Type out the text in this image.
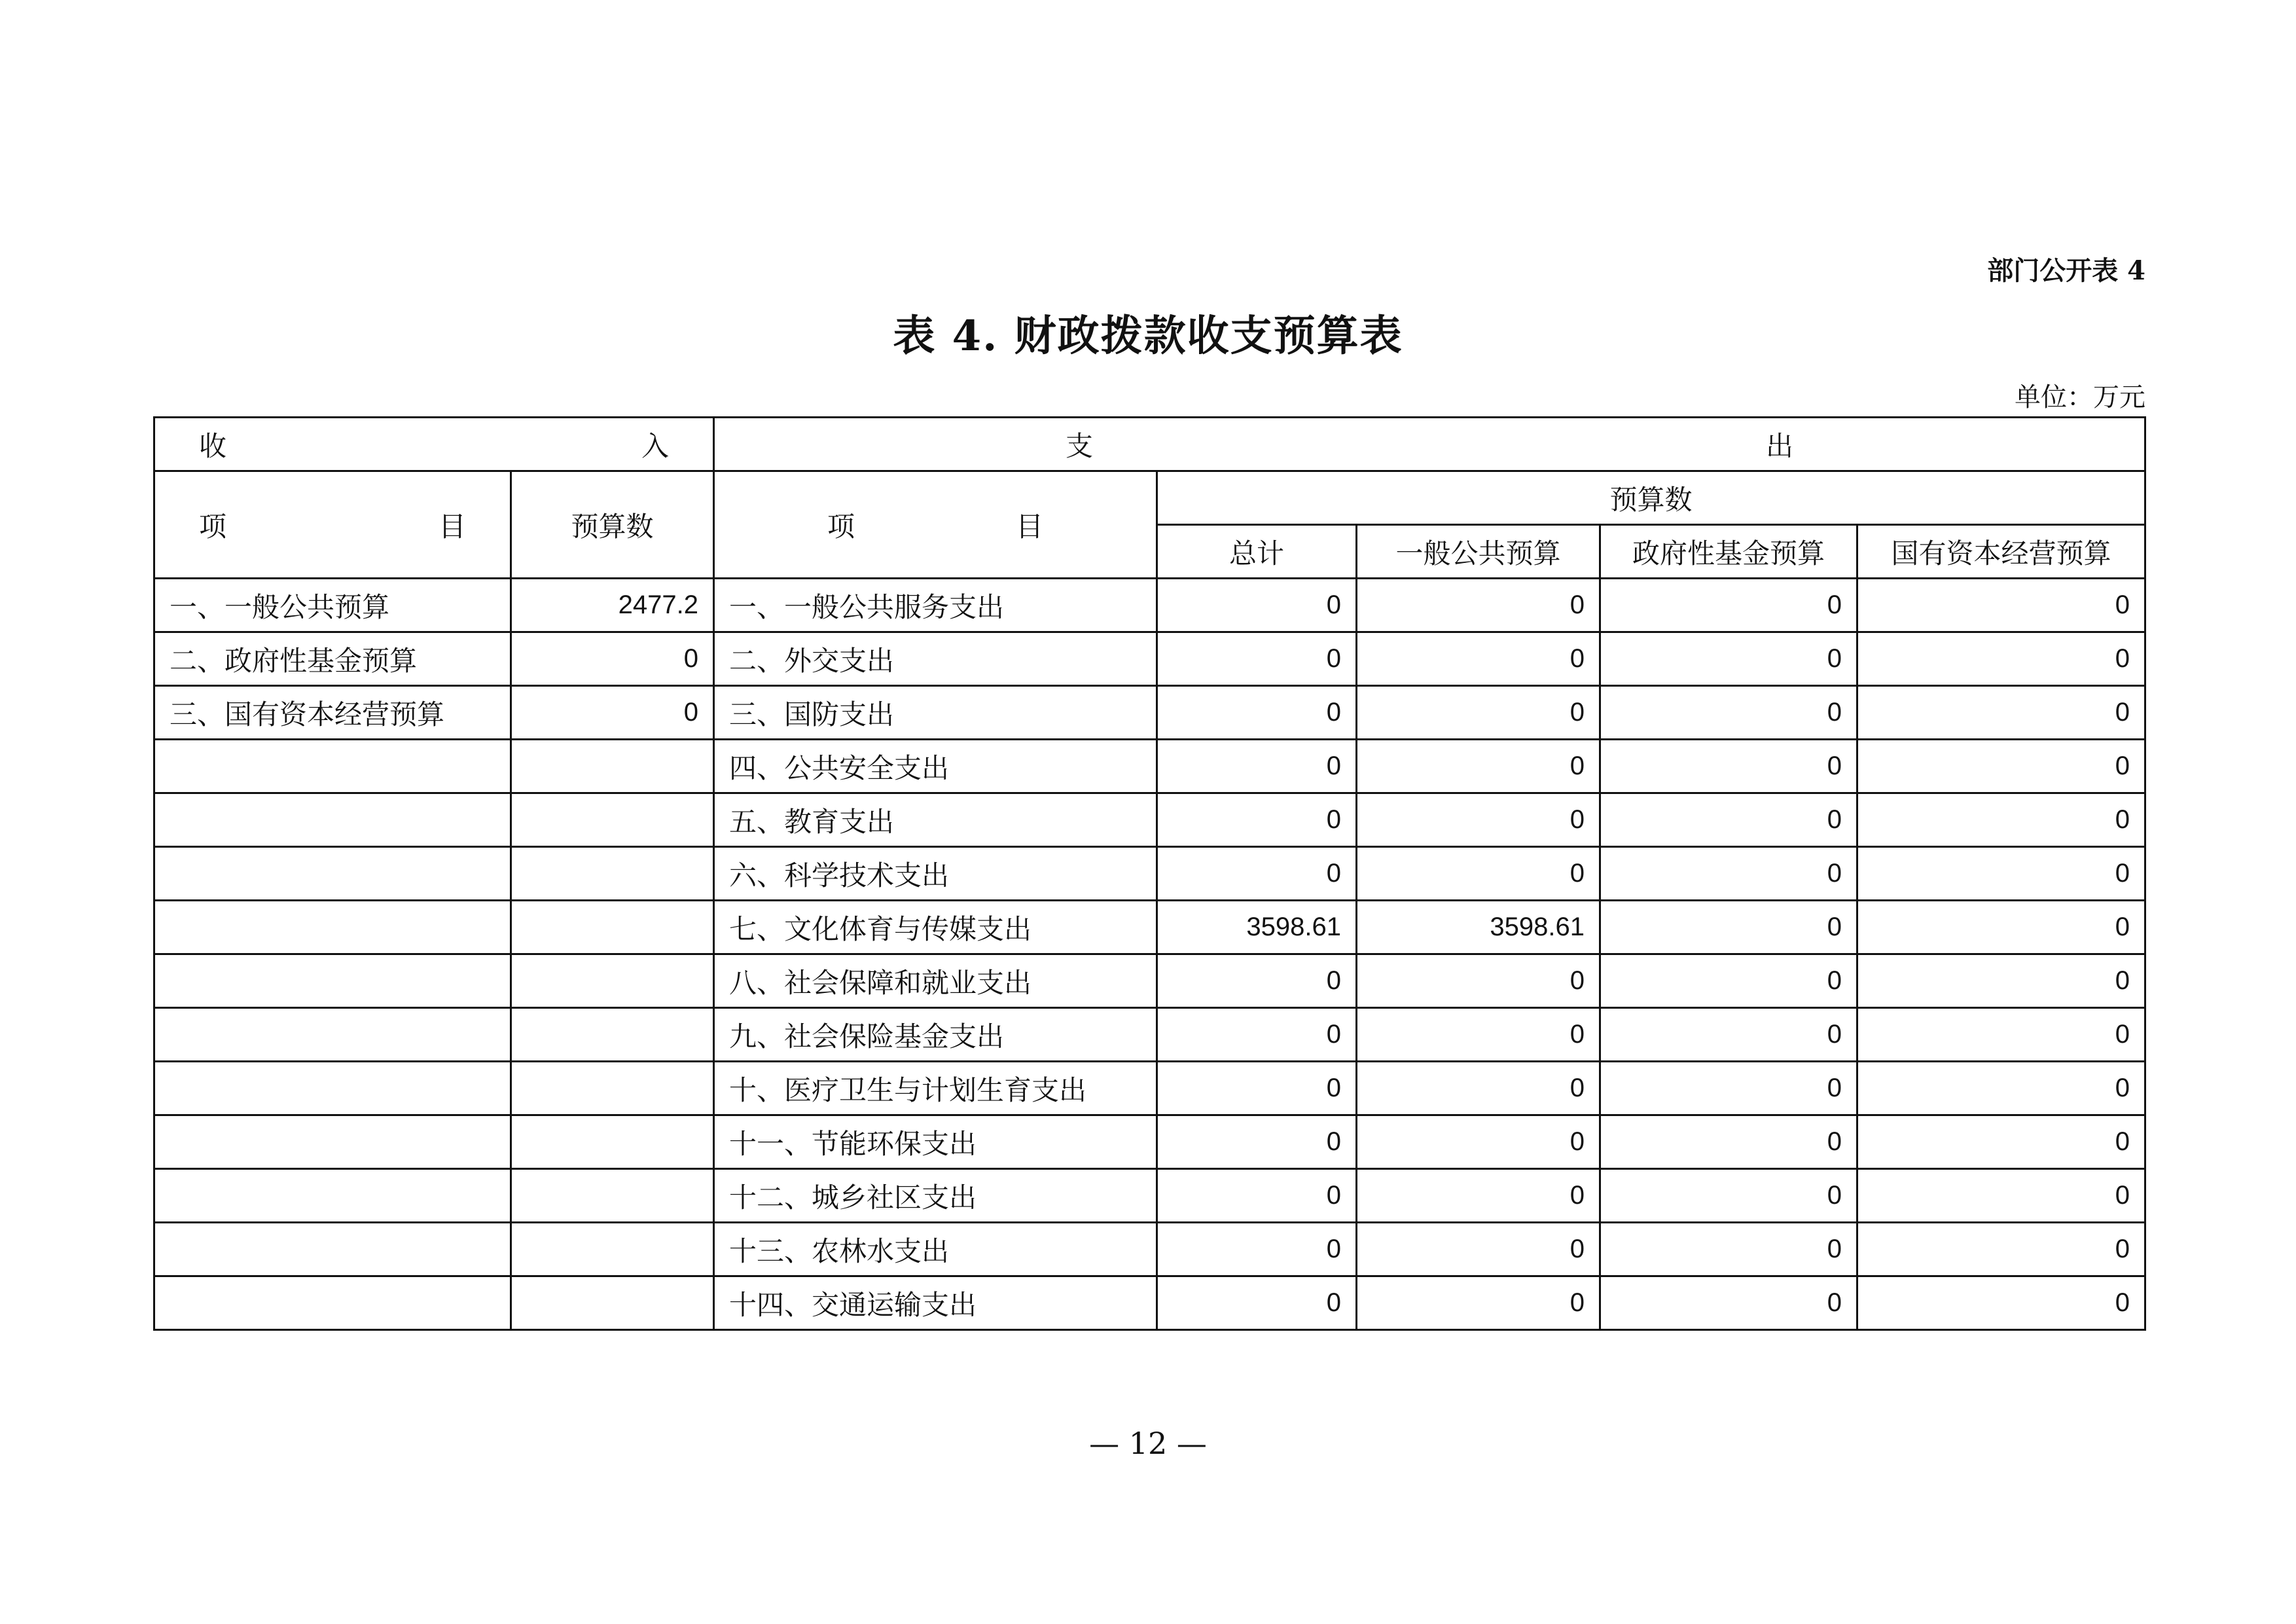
部门公开表 4
表 4. 财政拨款收支预算表
单位：万元
收 入		支 出				

项 目	预算数	项 目	预算数			
			总计	一般公共预算	政府性基金预算	国有资本经营预算
一、一般公共预算	2477.2	一、一般公共服务支出	0	0	0	0
二、政府性基金预算	0	二、外交支出	0	0	0	0
三、国有资本经营预算	0	三、国防支出	0	0	0	0
		四、公共安全支出	0	0	0	0
		五、教育支出	0	0	0	0
		六、科学技术支出	0	0	0	0
		七、文化体育与传媒支出	3598.61	3598.61	0	0
		八、社会保障和就业支出	0	0	0	0
		九、社会保险基金支出	0	0	0	0
		十、医疗卫生与计划生育支出	0	0	0	0
		十一、节能环保支出	0	0	0	0
		十二、城乡社区支出	0	0	0	0
		十三、农林水支出	0	0	0	0
		十四、交通运输支出	0	0	0	0
— 12 —
